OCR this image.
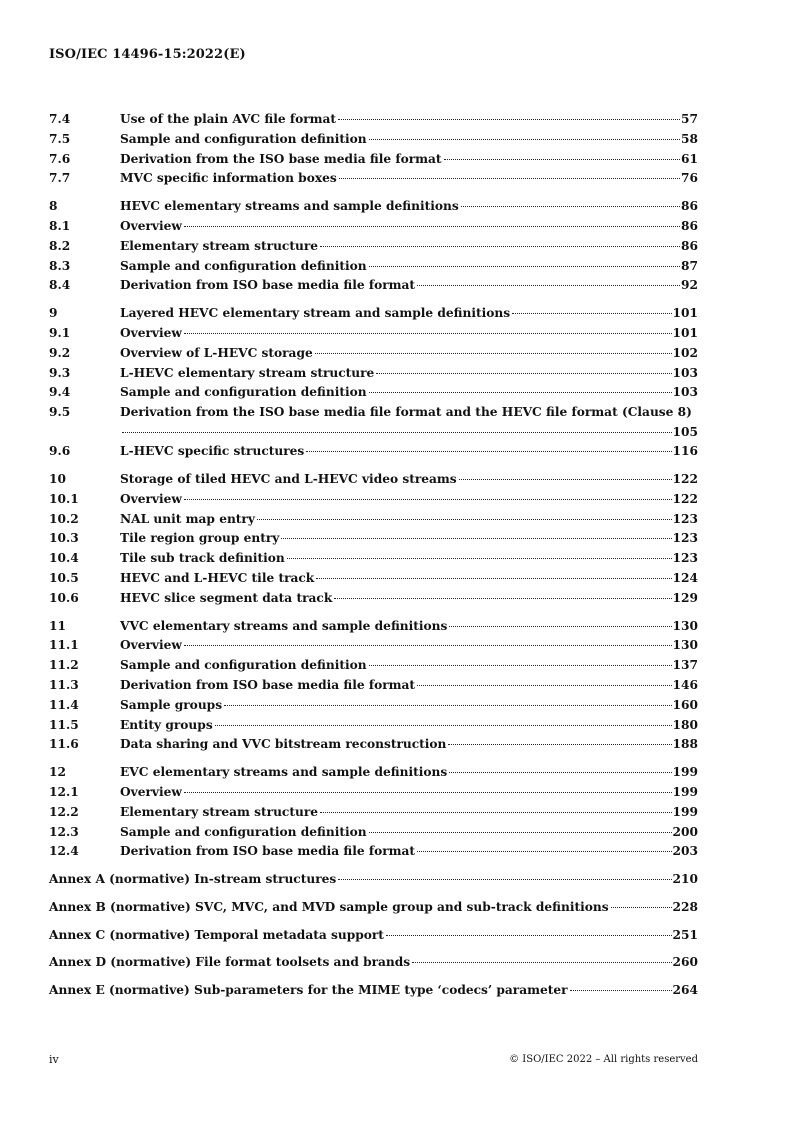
ISO/IEC 14496-15:2022(E)
7.4	Use of the plain AVC file format	57
7.5	Sample and configuration definition	58
7.6	Derivation from the ISO base media file format	61
7.7	MVC specific information boxes	76
8	HEVC elementary streams and sample definitions	86
8.1	Overview	86
8.2	Elementary stream structure	86
8.3	Sample and configuration definition	87
8.4	Derivation from ISO base media file format	92
9	Layered HEVC elementary stream and sample definitions	101
9.1	Overview	101
9.2	Overview of L-HEVC storage	102
9.3	L-HEVC elementary stream structure	103
9.4	Sample and configuration definition	103
9.5	Derivation from the ISO base media file format and the HEVC file format (Clause 8)
105
9.6	L-HEVC specific structures	116
10	Storage of tiled HEVC and L-HEVC video streams	122
10.1	Overview	122
10.2	NAL unit map entry	123
10.3	Tile region group entry	123
10.4	Tile sub track definition	123
10.5	HEVC and L-HEVC tile track	124
10.6	HEVC slice segment data track	129
11	VVC elementary streams and sample definitions	130
11.1	Overview	130
11.2	Sample and configuration definition	137
11.3	Derivation from ISO base media file format	146
11.4	Sample groups	160
11.5	Entity groups	180
11.6	Data sharing and VVC bitstream reconstruction	188
12	EVC elementary streams and sample definitions	199
12.1	Overview	199
12.2	Elementary stream structure	199
12.3	Sample and configuration definition	200
12.4	Derivation from ISO base media file format	203
Annex A (normative) In-stream structures	210
Annex B (normative) SVC, MVC, and MVD sample group and sub-track definitions	228
Annex C (normative) Temporal metadata support	251
Annex D (normative) File format toolsets and brands	260
Annex E (normative) Sub-parameters for the MIME type ‘codecs’ parameter	264
iv	© ISO/IEC 2022 – All rights reserved
